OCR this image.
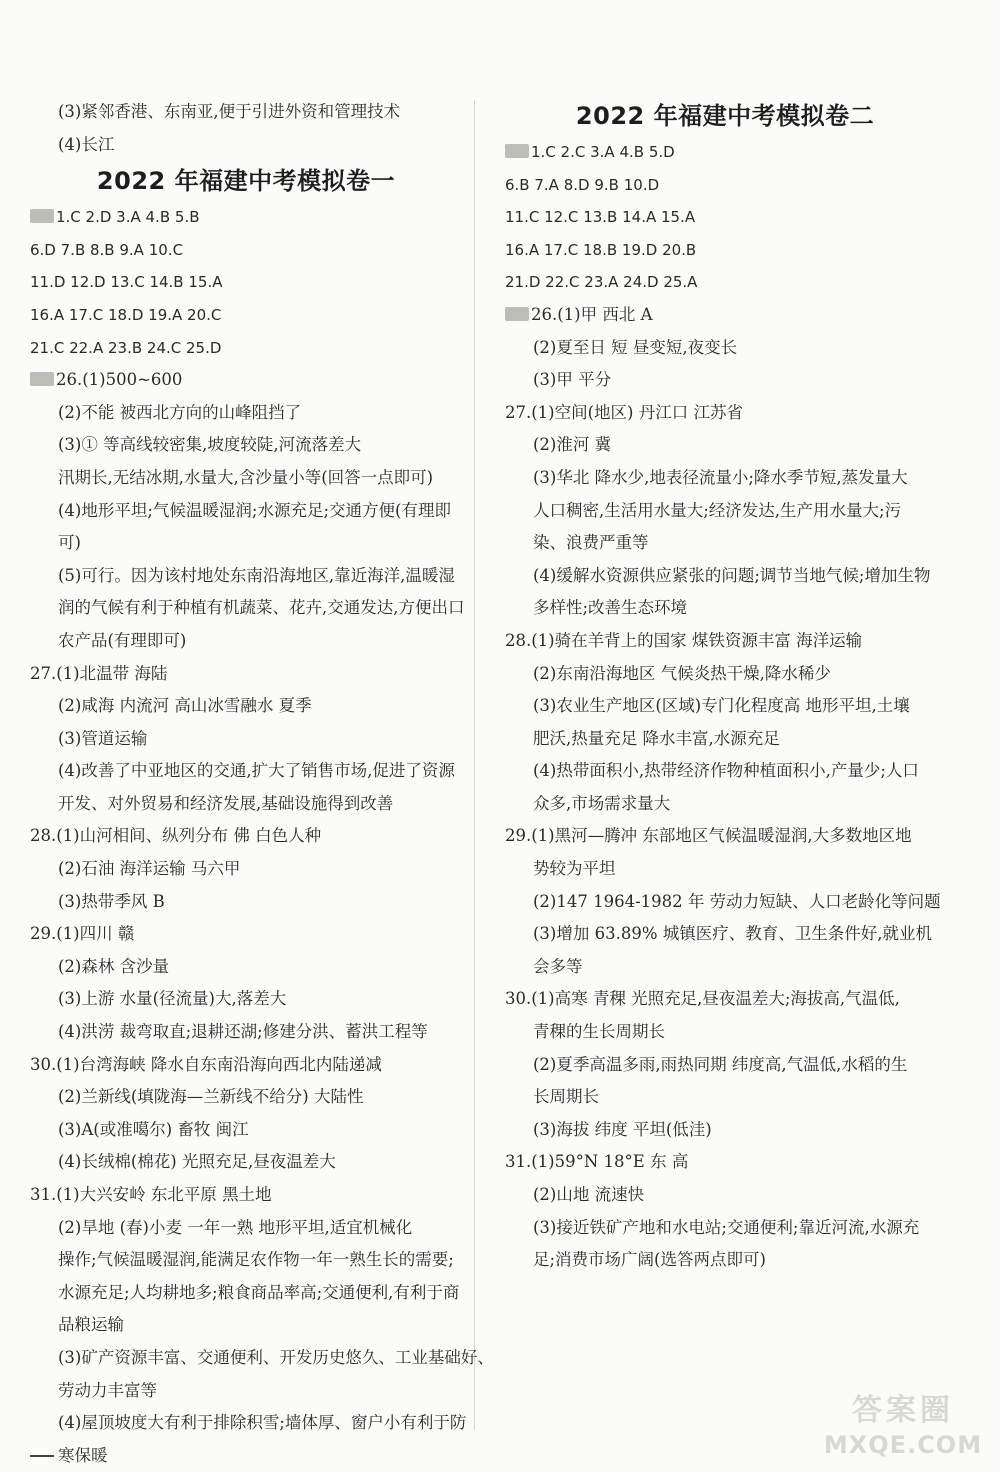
(3)紧邻香港、东南亚,便于引进外资和管理技术
(4)长江
2022 年福建中考模拟卷一
1.C 2.D 3.A 4.B 5.B
6.D 7.B 8.B 9.A 10.C
11.D 12.D 13.C 14.B 15.A
16.A 17.C 18.D 19.A 20.C
21.C 22.A 23.B 24.C 25.D
26.(1)500~600
(2)不能 被西北方向的山峰阻挡了
(3)① 等高线较密集,坡度较陡,河流落差大
汛期长,无结冰期,水量大,含沙量小等(回答一点即可)
(4)地形平坦;气候温暖湿润;水源充足;交通方便(有理即
可)
(5)可行。因为该村地处东南沿海地区,靠近海洋,温暖湿
润的气候有利于种植有机蔬菜、花卉,交通发达,方便出口
农产品(有理即可)
27.(1)北温带 海陆
(2)咸海 内流河 高山冰雪融水 夏季
(3)管道运输
(4)改善了中亚地区的交通,扩大了销售市场,促进了资源
开发、对外贸易和经济发展,基础设施得到改善
28.(1)山河相间、纵列分布 佛 白色人种
(2)石油 海洋运输 马六甲
(3)热带季风 B
29.(1)四川 赣
(2)森林 含沙量
(3)上游 水量(径流量)大,落差大
(4)洪涝 裁弯取直;退耕还湖;修建分洪、蓄洪工程等
30.(1)台湾海峡 降水自东南沿海向西北内陆递减
(2)兰新线(填陇海—兰新线不给分) 大陆性
(3)A(或准噶尔) 畜牧 闽江
(4)长绒棉(棉花) 光照充足,昼夜温差大
31.(1)大兴安岭 东北平原 黑土地
(2)旱地 (春)小麦 一年一熟 地形平坦,适宜机械化
操作;气候温暖湿润,能满足农作物一年一熟生长的需要;
水源充足;人均耕地多;粮食商品率高;交通便利,有利于商
品粮运输
(3)矿产资源丰富、交通便利、开发历史悠久、工业基础好、
劳动力丰富等
(4)屋顶坡度大有利于排除积雪;墙体厚、窗户小有利于防
寒保暖
2022 年福建中考模拟卷二
1.C 2.C 3.A 4.B 5.D
6.B 7.A 8.D 9.B 10.D
11.C 12.C 13.B 14.A 15.A
16.A 17.C 18.B 19.D 20.B
21.D 22.C 23.A 24.D 25.A
26.(1)甲 西北 A
(2)夏至日 短 昼变短,夜变长
(3)甲 平分
27.(1)空间(地区) 丹江口 江苏省
(2)淮河 冀
(3)华北 降水少,地表径流量小;降水季节短,蒸发量大
人口稠密,生活用水量大;经济发达,生产用水量大;污
染、浪费严重等
(4)缓解水资源供应紧张的问题;调节当地气候;增加生物
多样性;改善生态环境
28.(1)骑在羊背上的国家 煤铁资源丰富 海洋运输
(2)东南沿海地区 气候炎热干燥,降水稀少
(3)农业生产地区(区域)专门化程度高 地形平坦,土壤
肥沃,热量充足 降水丰富,水源充足
(4)热带面积小,热带经济作物种植面积小,产量少;人口
众多,市场需求量大
29.(1)黑河—腾冲 东部地区气候温暖湿润,大多数地区地
势较为平坦
(2)147 1964-1982 年 劳动力短缺、人口老龄化等问题
(3)增加 63.89% 城镇医疗、教育、卫生条件好,就业机
会多等
30.(1)高寒 青稞 光照充足,昼夜温差大;海拔高,气温低,
青稞的生长周期长
(2)夏季高温多雨,雨热同期 纬度高,气温低,水稻的生
长周期长
(3)海拔 纬度 平坦(低洼)
31.(1)59°N 18°E 东 高
(2)山地 流速快
(3)接近铁矿产地和水电站;交通便利;靠近河流,水源充
足;消费市场广阔(选答两点即可)
答案圈
MXQE.COM
